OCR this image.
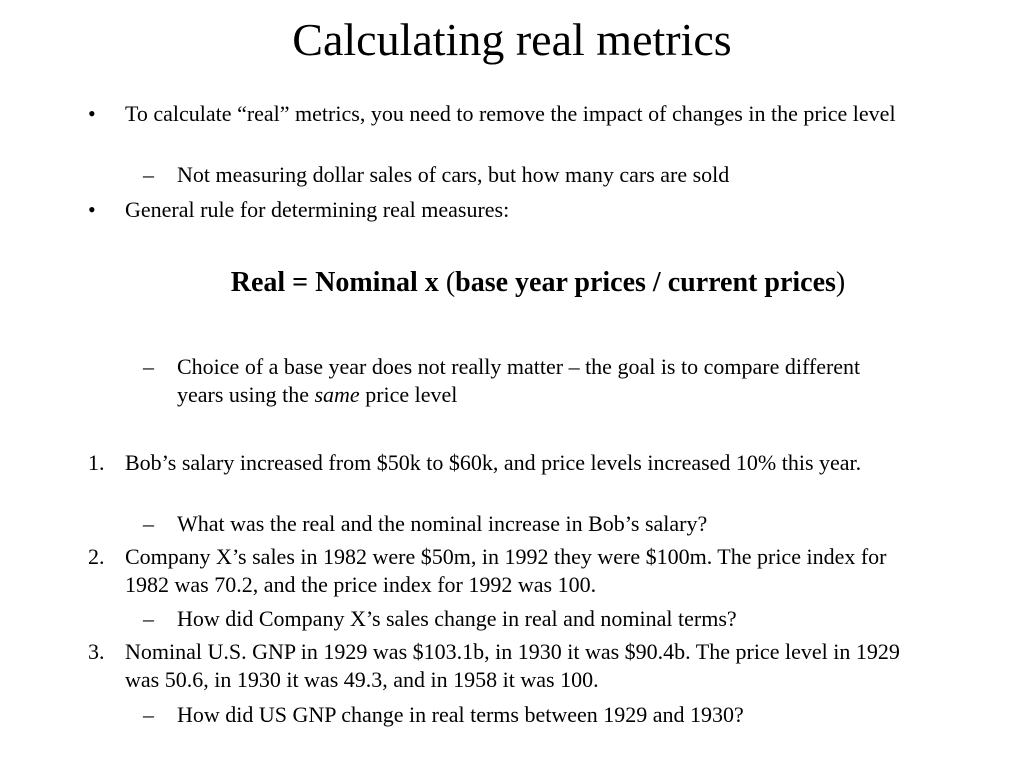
Calculating real metrics
• To calculate “real” metrics, you need to remove the impact of changes in the price level

– Not measuring dollar sales of cars, but how many cars are sold

• General rule for determining real measures:

Real = Nominal x (base year prices / current prices)

– Choice of a base year does not really matter – the goal is to compare different years using the same price level

1. Bob’s salary increased from $50k to $60k, and price levels increased 10% this year.

– What was the real and the nominal increase in Bob’s salary?

2. Company X’s sales in 1982 were $50m, in 1992 they were $100m. The price index for 1982 was 70.2, and the price index for 1992 was 100.

– How did Company X’s sales change in real and nominal terms?

3. Nominal U.S. GNP in 1929 was $103.1b, in 1930 it was $90.4b. The price level in 1929 was 50.6, in 1930 it was 49.3, and in 1958 it was 100.

– How did US GNP change in real terms between 1929 and 1930?
